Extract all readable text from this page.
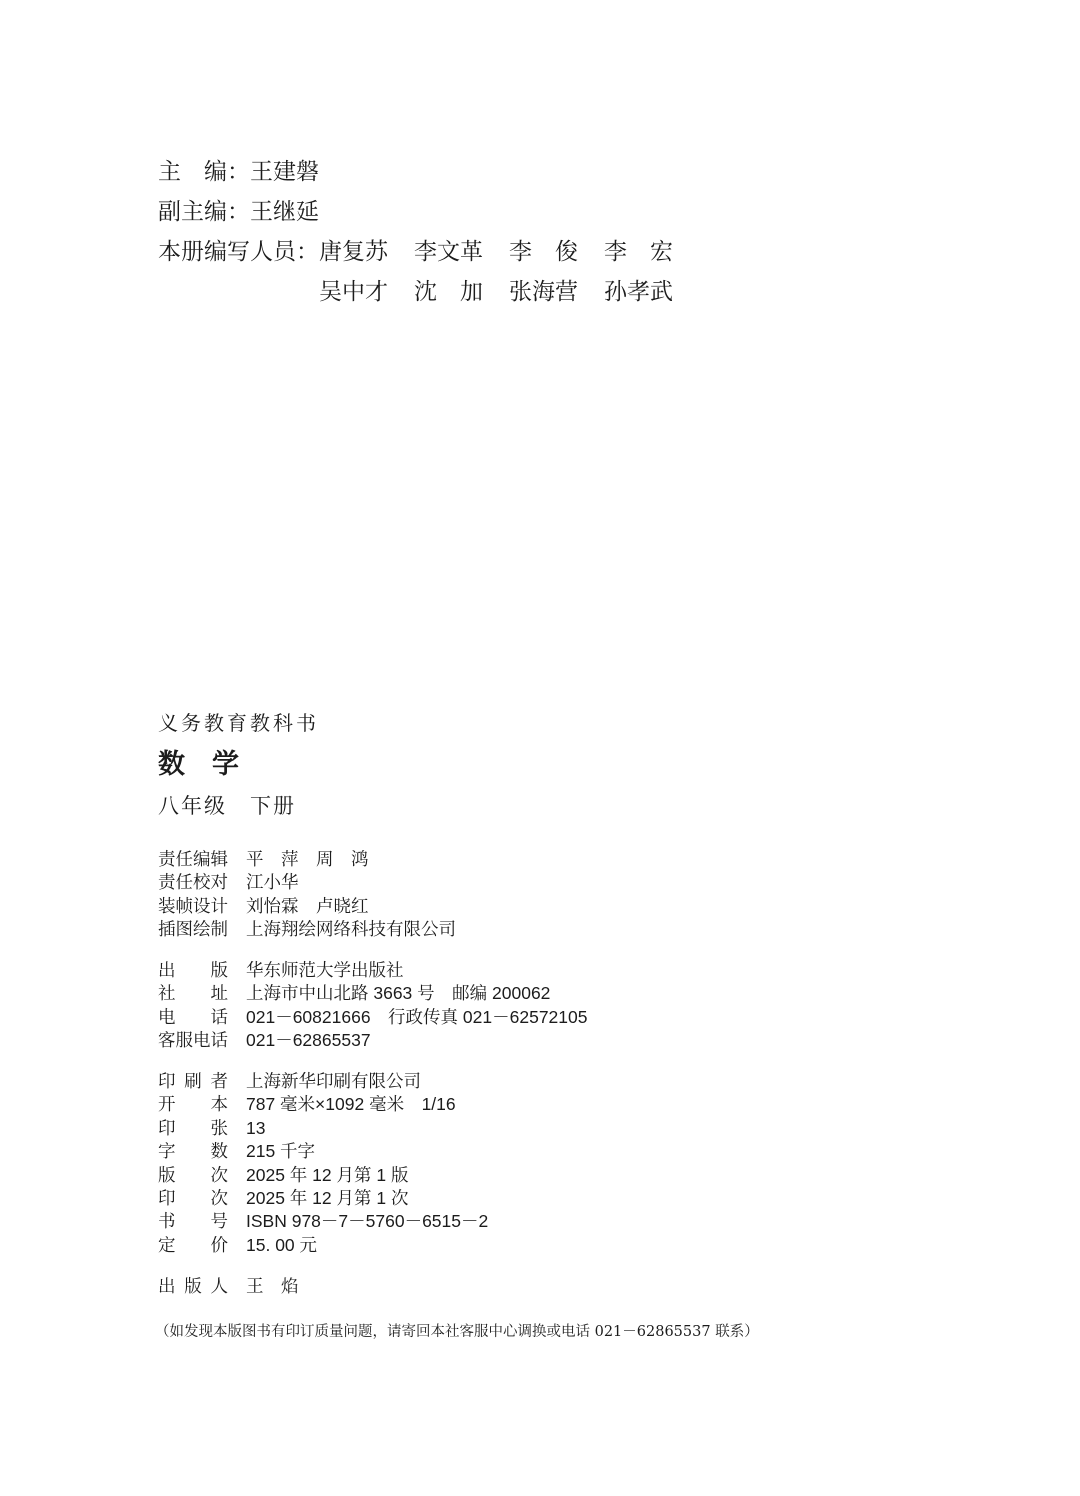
主　编： 王建磐
副主编： 王继延
本册编写人员： 唐复苏	李文革	李　俊	李　宏
吴中才	沈　加	张海营	孙孝武
义务教育教科书
数　学
八年级　下册
责任编辑 平　萍　周　鸿
责任校对 江小华
装帧设计 刘怡霖　卢晓红
插图绘制 上海翔绘网络科技有限公司
出　　版 华东师范大学出版社
社　　址 上海市中山北路 3663 号　邮编 200062
电　　话 021－60821666　行政传真 021－62572105
客服电话 021－62865537
印 刷 者 上海新华印刷有限公司
开　　本 787 毫米×1092 毫米　1/16
印　　张 13
字　　数 215 千字
版　　次 2025 年 12 月第 1 版
印　　次 2025 年 12 月第 1 次
书　　号 ISBN 978－7－5760－6515－2
定　　价 15. 00 元
出 版 人 王　焰
（如发现本版图书有印订质量问题，请寄回本社客服中心调换或电话 021－62865537 联系）
